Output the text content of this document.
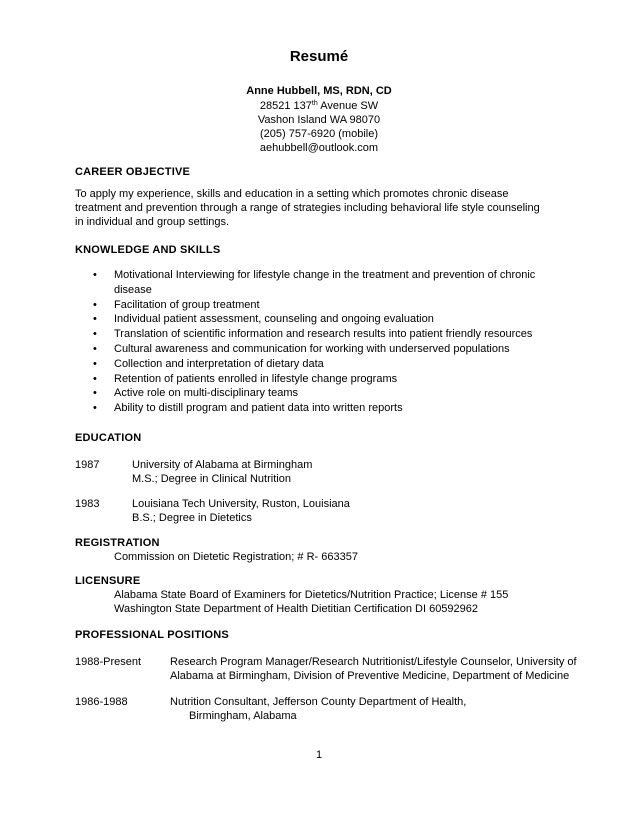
Resumé
Anne Hubbell, MS, RDN, CD
28521 137th Avenue SW
Vashon Island WA 98070
(205) 757-6920 (mobile)
aehubbell@outlook.com
CAREER OBJECTIVE
To apply my experience, skills and education in a setting which promotes chronic disease
treatment and prevention through a range of strategies including behavioral life style counseling
in individual and group settings.
KNOWLEDGE AND SKILLS
• Motivational Interviewing for lifestyle change in the treatment and prevention of chronic disease
• Facilitation of group treatment
• Individual patient assessment, counseling and ongoing evaluation
• Translation of scientific information and research results into patient friendly resources
• Cultural awareness and communication for working with underserved populations
• Collection and interpretation of dietary data
• Retention of patients enrolled in lifestyle change programs
• Active role on multi-disciplinary teams
• Ability to distill program and patient data into written reports
EDUCATION
1987	University of Alabama at Birmingham
M.S.; Degree in Clinical Nutrition
1983	Louisiana Tech University, Ruston, Louisiana
B.S.; Degree in Dietetics
REGISTRATION
Commission on Dietetic Registration; # R- 663357
LICENSURE
Alabama State Board of Examiners for Dietetics/Nutrition Practice; License # 155
Washington State Department of Health Dietitian Certification DI 60592962
PROFESSIONAL POSITIONS
1988-Present	Research Program Manager/Research Nutritionist/Lifestyle Counselor, University of
Alabama at Birmingham, Division of Preventive Medicine, Department of Medicine
1986-1988	Nutrition Consultant, Jefferson County Department of Health,
Birmingham, Alabama
1
